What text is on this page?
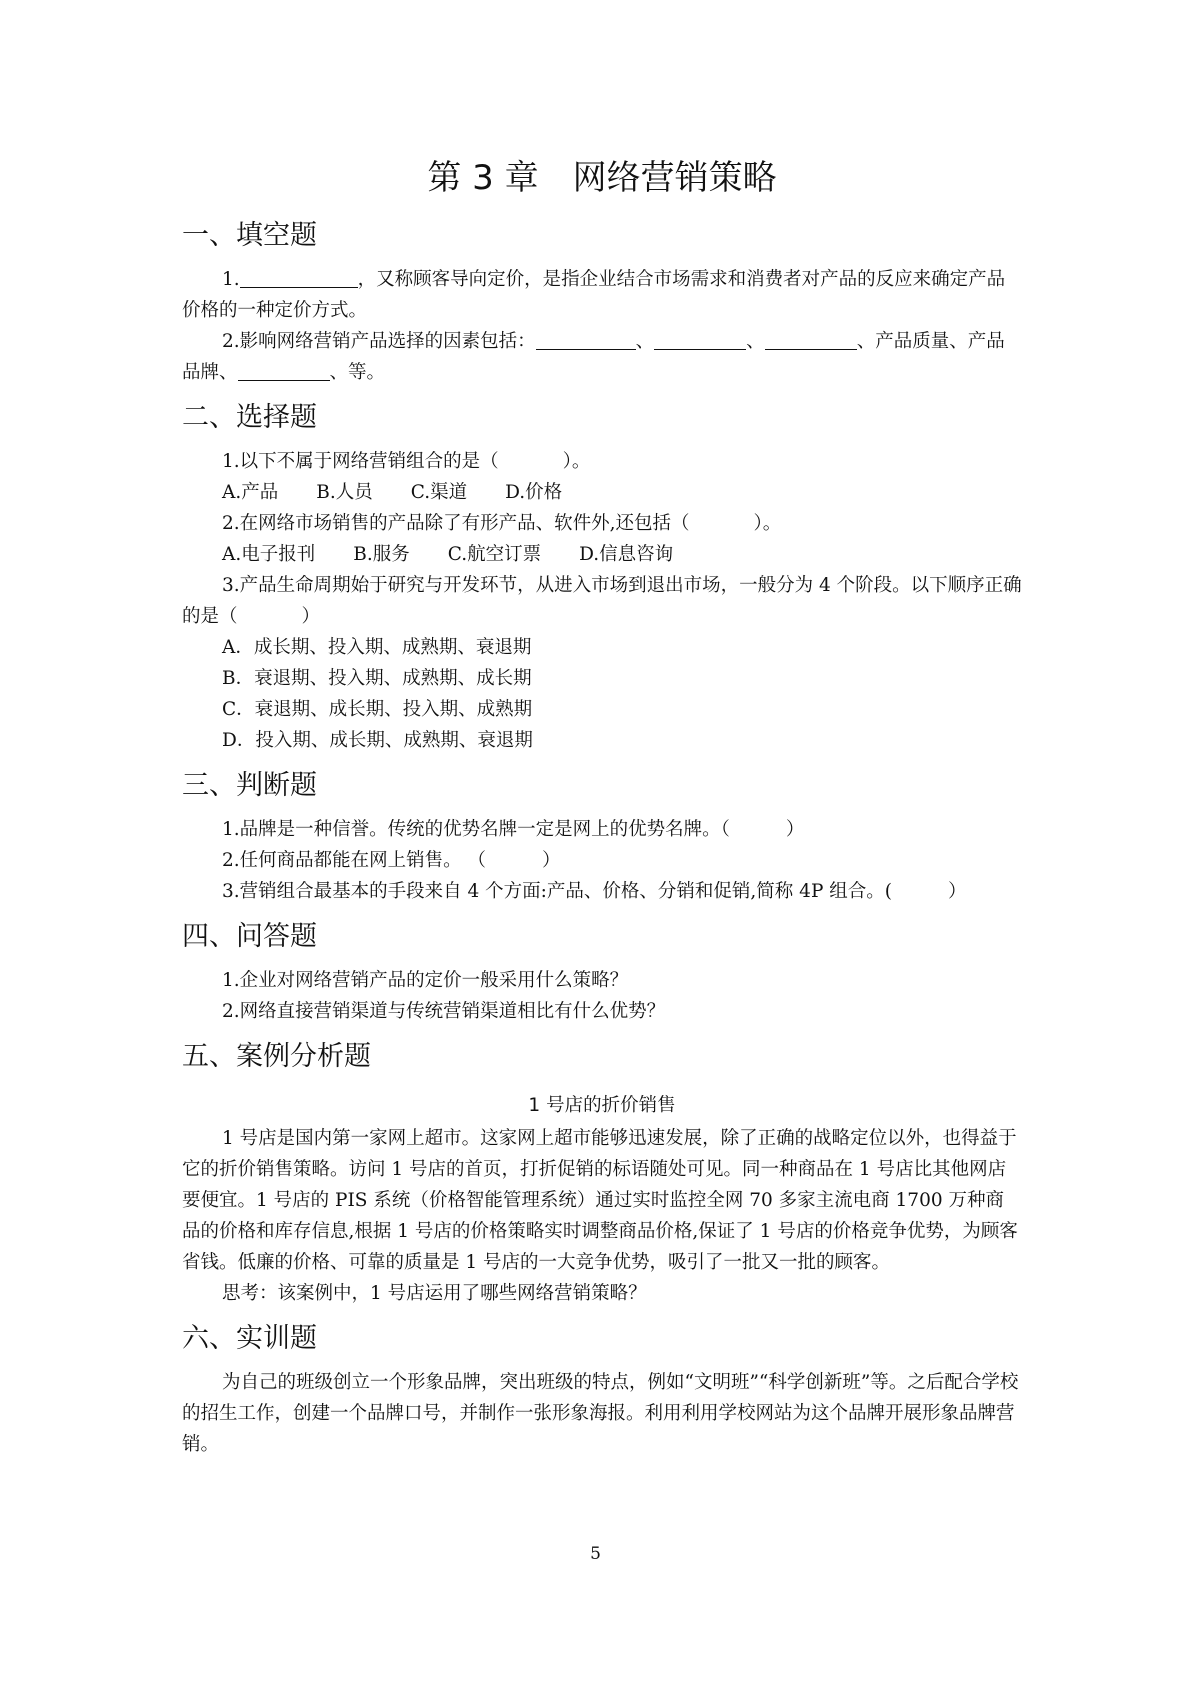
第 3 章 网络营销策略
一、填空题

1.	，又称顾客导向定价，是指企业结合市场需求和消费者对产品的反应来确定产品价格的一种定价方式。

2.影响网络营销产品选择的因素包括：	、	、	、产品质量、产品品牌、	、等。

二、选择题

1.以下不属于网络营销组合的是（	）。

A.产品 B.人员 C.渠道 D.价格

2.在网络市场销售的产品除了有形产品、软件外,还包括（	）。

A.电子报刊 B.服务 C.航空订票 D.信息咨询

3.产品生命周期始于研究与开发环节，从进入市场到退出市场，一般分为 4 个阶段。以下顺序正确的是（	）

A．成长期、投入期、成熟期、衰退期

B．衰退期、投入期、成熟期、成长期

C．衰退期、成长期、投入期、成熟期

D．投入期、成长期、成熟期、衰退期

三、判断题

1.品牌是一种信誉。传统的优势名牌一定是网上的优势名牌。（	）

2.任何商品都能在网上销售。 （	）

3.营销组合最基本的手段来自 4 个方面:产品、价格、分销和促销,简称 4P 组合。(	）

四、问答题

1.企业对网络营销产品的定价一般采用什么策略？

2.网络直接营销渠道与传统营销渠道相比有什么优势？

五、案例分析题
1 号店的折价销售

1 号店是国内第一家网上超市。这家网上超市能够迅速发展，除了正确的战略定位以外，也得益于它的折价销售策略。访问 1 号店的首页，打折促销的标语随处可见。同一种商品在 1 号店比其他网店要便宜。1 号店的 PIS 系统（价格智能管理系统）通过实时监控全网 70 多家主流电商 1700 万种商品的价格和库存信息,根据 1 号店的价格策略实时调整商品价格,保证了 1 号店的价格竞争优势，为顾客省钱。低廉的价格、可靠的质量是 1 号店的一大竞争优势，吸引了一批又一批的顾客。

思考：该案例中，1 号店运用了哪些网络营销策略？

六、实训题

为自己的班级创立一个形象品牌，突出班级的特点，例如“文明班”“科学创新班”等。之后配合学校的招生工作，创建一个品牌口号，并制作一张形象海报。利用利用学校网站为这个品牌开展形象品牌营销。

5
